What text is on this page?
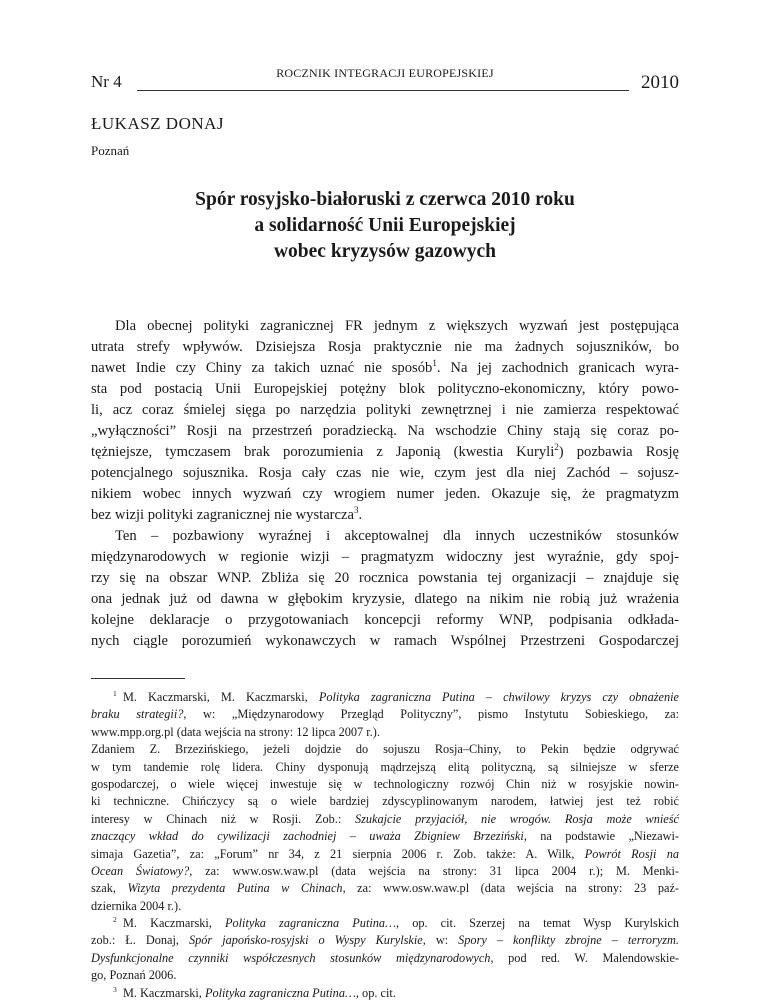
Nr 4	ROCZNIK INTEGRACJI EUROPEJSKIEJ	2010
ŁUKASZ DONAJ
Poznań
Spór rosyjsko-białoruski z czerwca 2010 roku
a solidarność Unii Europejskiej
wobec kryzysów gazowych
Dla obecnej polityki zagranicznej FR jednym z większych wyzwań jest postępująca
utrata strefy wpływów. Dzisiejsza Rosja praktycznie nie ma żadnych sojuszników, bo
nawet Indie czy Chiny za takich uznać nie sposób$^1$. Na jej zachodnich granicach wyra-
sta pod postacią Unii Europejskiej potężny blok polityczno-ekonomiczny, który powo-
li, acz coraz śmielej sięga po narzędzia polityki zewnętrznej i nie zamierza respektować
„wyłączności” Rosji na przestrzeń poradziecką. Na wschodzie Chiny stają się coraz po-
tężniejsze, tymczasem brak porozumienia z Japonią (kwestia Kuryli$^2$) pozbawia Rosję
potencjalnego sojusznika. Rosja cały czas nie wie, czym jest dla niej Zachód – sojusz-
nikiem wobec innych wyzwań czy wrogiem numer jeden. Okazuje się, że pragmatyzm
bez wizji polityki zagranicznej nie wystarcza$^3$.
Ten – pozbawiony wyraźnej i akceptowalnej dla innych uczestników stosunków
międzynarodowych w regionie wizji – pragmatyzm widoczny jest wyraźnie, gdy spoj-
rzy się na obszar WNP. Zbliża się 20 rocznica powstania tej organizacji – znajduje się
ona jednak już od dawna w głębokim kryzysie, dlatego na nikim nie robią już wrażenia
kolejne deklaracje o przygotowaniach koncepcji reformy WNP, podpisania odkłada-
nych ciągle porozumień wykonawczych w ramach Wspólnej Przestrzeni Gospodarczej
$^1$  M. Kaczmarski, M. Kaczmarski, Polityka zagraniczna Putina – chwilowy kryzys czy obnażenie
braku strategii?, w: „Międzynarodowy Przegląd Polityczny”, pismo Instytutu Sobieskiego, za:
www.mpp.org.pl (data wejścia na strony: 12 lipca 2007 r.).
Zdaniem Z. Brzezińskiego, jeżeli dojdzie do sojuszu Rosja–Chiny, to Pekin będzie odgrywać
w tym tandemie rolę lidera. Chiny dysponują mądrzejszą elitą polityczną, są silniejsze w sferze
gospodarczej, o wiele więcej inwestuje się w technologiczny rozwój Chin niż w rosyjskie nowin-
ki techniczne. Chińczycy są o wiele bardziej zdyscyplinowanym narodem, łatwiej jest też robić
interesy w Chinach niż w Rosji. Zob.: Szukajcie przyjaciół, nie wrogów. Rosja może wnieść
znaczący wkład do cywilizacji zachodniej – uważa Zbigniew Brzeziński, na podstawie „Niezawi-
simaja Gazetia”, za: „Forum” nr 34, z 21 sierpnia 2006 r. Zob. także: A. Wilk, Powrót Rosji na
Ocean Światowy?, za: www.osw.waw.pl (data wejścia na strony: 31 lipca 2004 r.); M. Menki-
szak, Wizyta prezydenta Putina w Chinach, za: www.osw.waw.pl (data wejścia na strony: 23 paź-
dziernika 2004 r.).
$^2$  M. Kaczmarski, Polityka zagraniczna Putina…, op. cit. Szerzej na temat Wysp Kurylskich
zob.: Ł. Donaj, Spór japońsko-rosyjski o Wyspy Kurylskie, w: Spory – konflikty zbrojne – terroryzm.
Dysfunkcjonalne czynniki współczesnych stosunków międzynarodowych, pod red. W. Malendowskie-
go, Poznań 2006.
$^3$  M. Kaczmarski, Polityka zagraniczna Putina…, op. cit.
